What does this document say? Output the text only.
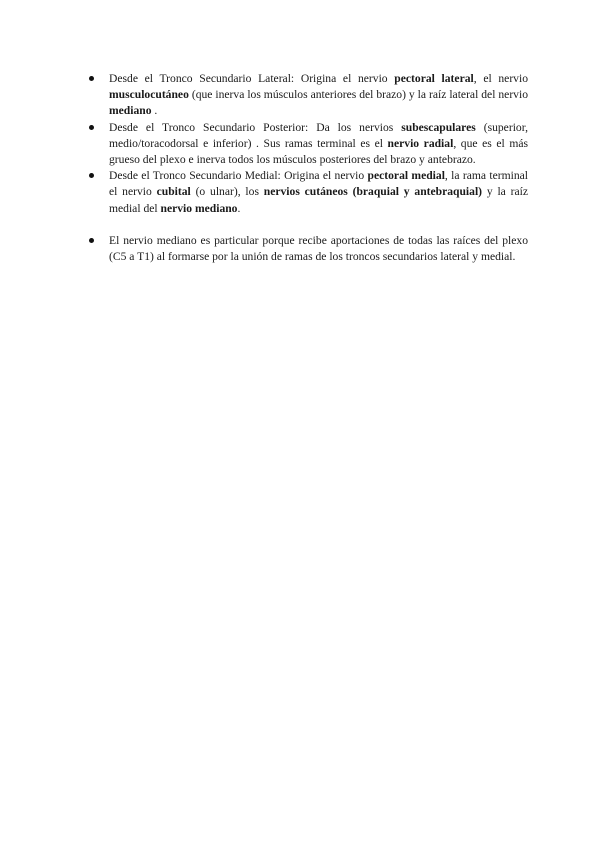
Desde el Tronco Secundario Lateral: Origina el nervio pectoral lateral, el nervio musculocutáneo (que inerva los músculos anteriores del brazo) y la raíz lateral del nervio mediano .
Desde el Tronco Secundario Posterior: Da los nervios subescapulares (superior, medio/toracodorsal e inferior) . Sus ramas terminal es el nervio radial, que es el más grueso del plexo e inerva todos los músculos posteriores del brazo y antebrazo.
Desde el Tronco Secundario Medial: Origina el nervio pectoral medial, la rama terminal el nervio cubital (o ulnar), los nervios cutáneos (braquial y antebraquial) y la raíz medial del nervio mediano.
El nervio mediano es particular porque recibe aportaciones de todas las raíces del plexo (C5 a T1) al formarse por la unión de ramas de los troncos secundarios lateral y medial.
